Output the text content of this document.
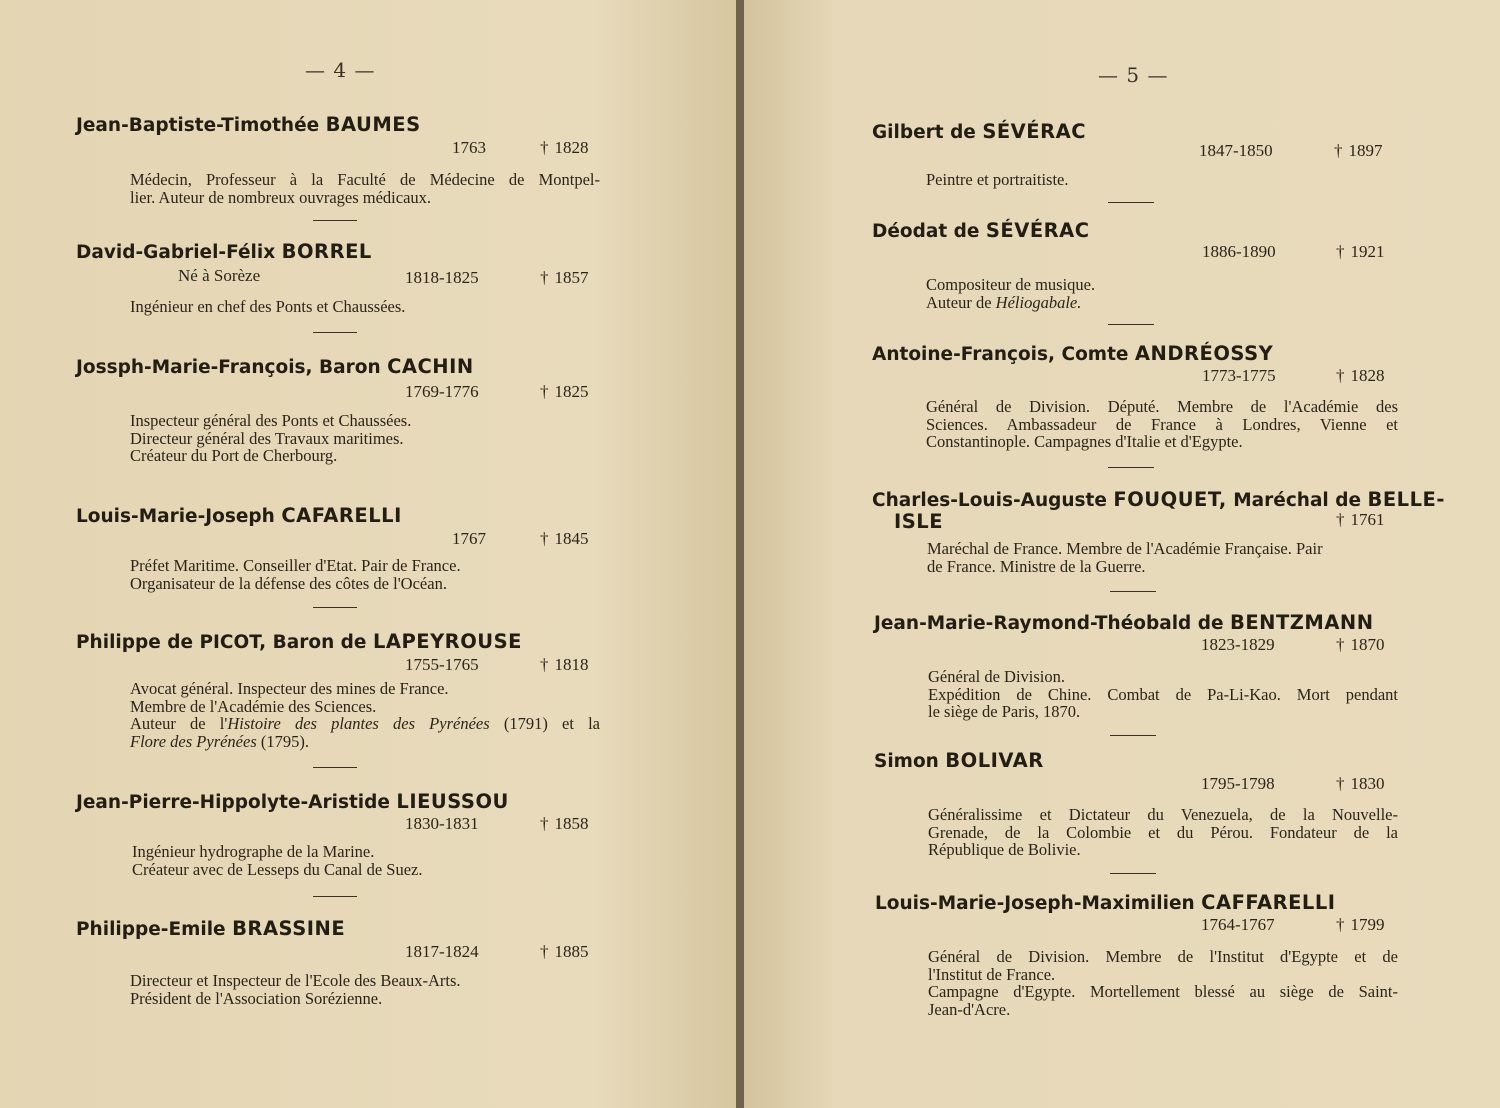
— 4 —
Jean-Baptiste-Timothée BAUMES
1763	† 1828
Médecin, Professeur à la Faculté de Médecine de Montpel-
lier. Auteur de nombreux ouvrages médicaux.
David-Gabriel-Félix BORREL
Né à Sorèze	1818-1825	† 1857
Ingénieur en chef des Ponts et Chaussées.
Jossph-Marie-François, Baron CACHIN
1769-1776	† 1825
Inspecteur général des Ponts et Chaussées.
Directeur général des Travaux maritimes.
Créateur du Port de Cherbourg.
Louis-Marie-Joseph CAFARELLI
1767	† 1845
Préfet Maritime. Conseiller d'Etat. Pair de France.
Organisateur de la défense des côtes de l'Océan.
Philippe de PICOT, Baron de LAPEYROUSE
1755-1765	† 1818
Avocat général. Inspecteur des mines de France.
Membre de l'Académie des Sciences.
Auteur de l'Histoire des plantes des Pyrénées (1791) et la
Flore des Pyrénées (1795).
Jean-Pierre-Hippolyte-Aristide LIEUSSOU
1830-1831	† 1858
Ingénieur hydrographe de la Marine.
Créateur avec de Lesseps du Canal de Suez.
Philippe-Emile BRASSINE
1817-1824	† 1885
Directeur et Inspecteur de l'Ecole des Beaux-Arts.
Président de l'Association Sorézienne.
— 5 —
Gilbert de SÉVÉRAC
1847-1850	† 1897
Peintre et portraitiste.
Déodat de SÉVÉRAC
1886-1890	† 1921
Compositeur de musique.
Auteur de Héliogabale.
Antoine-François, Comte ANDRÉOSSY
1773-1775	† 1828
Général de Division. Député. Membre de l'Académie des
Sciences. Ambassadeur de France à Londres, Vienne et
Constantinople. Campagnes d'Italie et d'Egypte.
Charles-Louis-Auguste FOUQUET, Maréchal de BELLE-
ISLE	† 1761
Maréchal de France. Membre de l'Académie Française. Pair
de France. Ministre de la Guerre.
Jean-Marie-Raymond-Théobald de BENTZMANN
1823-1829	† 1870
Général de Division.
Expédition de Chine. Combat de Pa-Li-Kao. Mort pendant
le siège de Paris, 1870.
Simon BOLIVAR
1795-1798	† 1830
Généralissime et Dictateur du Venezuela, de la Nouvelle-
Grenade, de la Colombie et du Pérou. Fondateur de la
République de Bolivie.
Louis-Marie-Joseph-Maximilien CAFFARELLI
1764-1767	† 1799
Général de Division. Membre de l'Institut d'Egypte et de
l'Institut de France.
Campagne d'Egypte. Mortellement blessé au siège de Saint-
Jean-d'Acre.
